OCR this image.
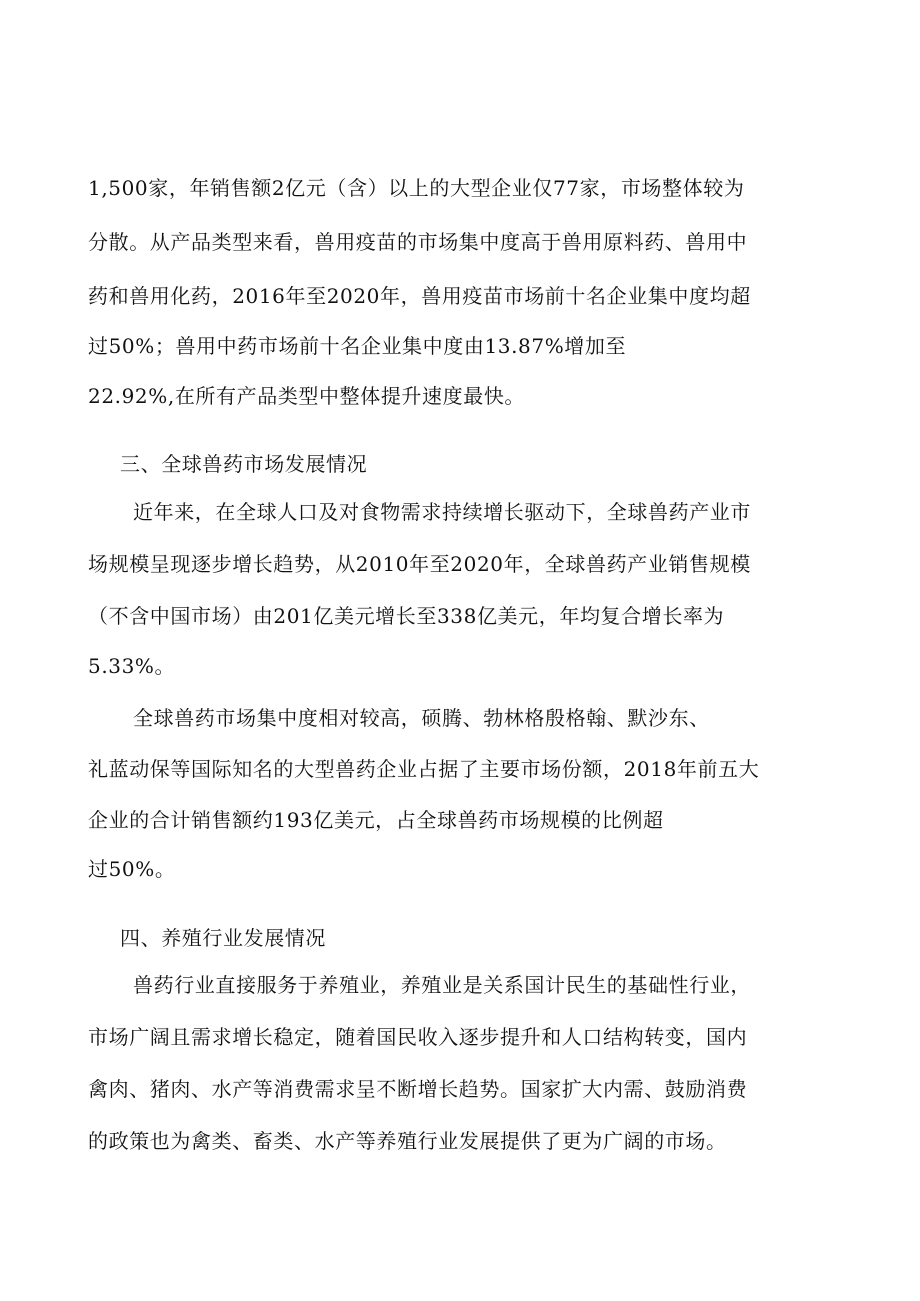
1,500家，年销售额2亿元（含）以上的大型企业仅77家，市场整体较为
分散。从产品类型来看，兽用疫苗的市场集中度高于兽用原料药、兽用中
药和兽用化药，2016年至2020年，兽用疫苗市场前十名企业集中度均超
过50%；兽用中药市场前十名企业集中度由13.87%增加至
22.92%,在所有产品类型中整体提升速度最快。
三、全球兽药市场发展情况
近年来，在全球人口及对食物需求持续增长驱动下，全球兽药产业市
场规模呈现逐步增长趋势，从2010年至2020年，全球兽药产业销售规模
（不含中国市场）由201亿美元增长至338亿美元，年均复合增长率为
5.33%。
全球兽药市场集中度相对较高，硕腾、勃林格殷格翰、默沙东、
礼蓝动保等国际知名的大型兽药企业占据了主要市场份额，2018年前五大
企业的合计销售额约193亿美元，占全球兽药市场规模的比例超
过50%。
四、养殖行业发展情况
兽药行业直接服务于养殖业，养殖业是关系国计民生的基础性行业，
市场广阔且需求增长稳定，随着国民收入逐步提升和人口结构转变，国内
禽肉、猪肉、水产等消费需求呈不断增长趋势。国家扩大内需、鼓励消费
的政策也为禽类、畜类、水产等养殖行业发展提供了更为广阔的市场。
